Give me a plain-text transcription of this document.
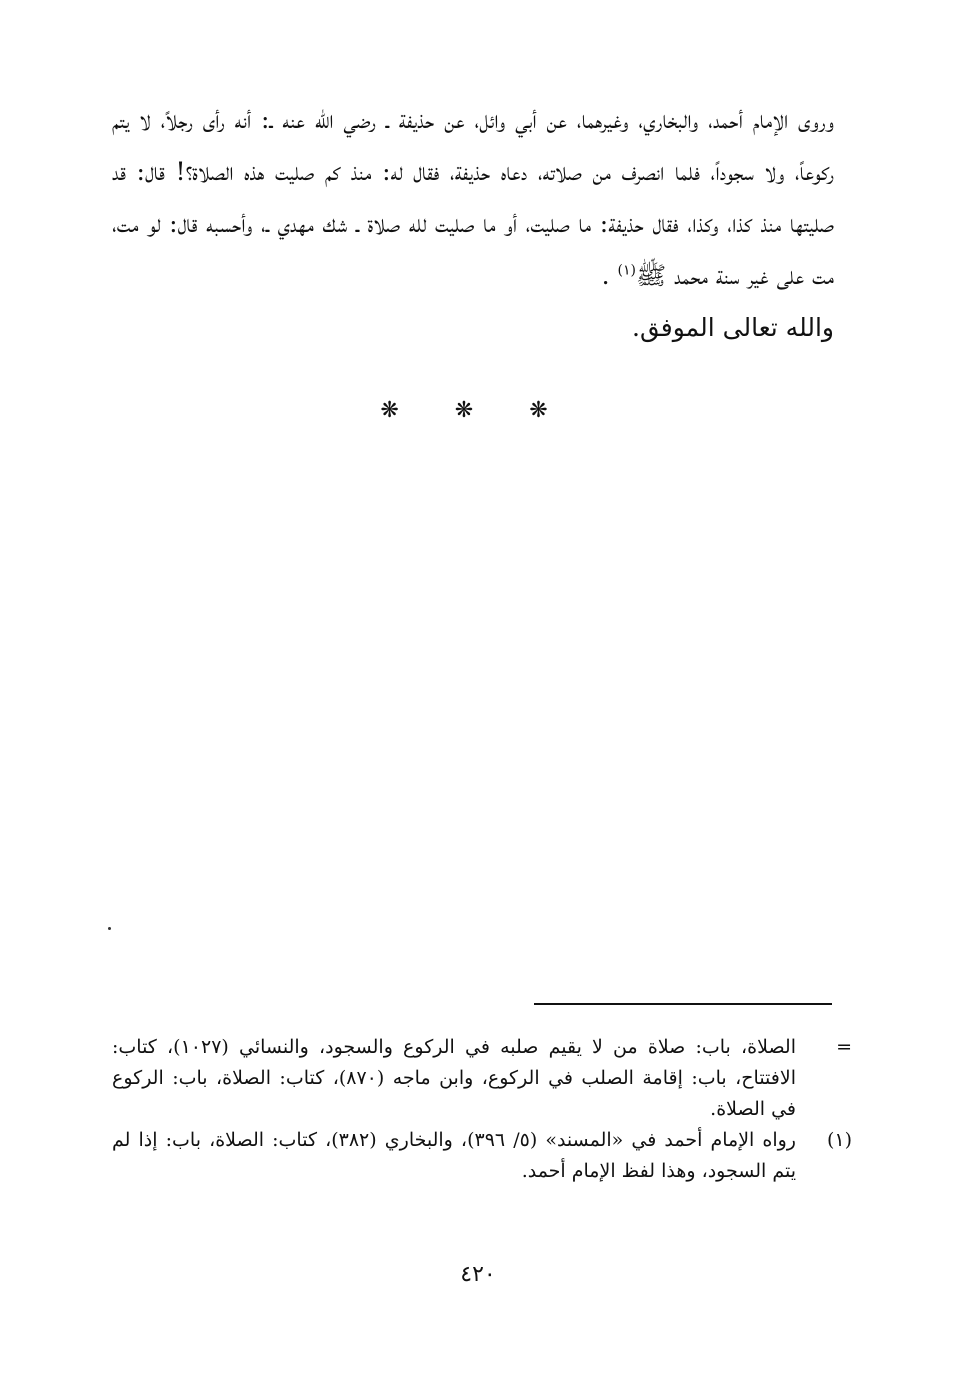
وروى الإمام أحمد، والبخاري، وغيرهما، عن أبي وائل، عن حذيفة ـ رضي الله عنه ـ: أنه رأى رجلاً، لا يتم ركوعاً، ولا سجوداً، فلما انصرف من صلاته، دعاه حذيفة، فقال له: منذ كم صليت هذه الصلاة؟! قال: قد صليتها منذ كذا، وكذا، فقال حذيفة: ما صليت، أو ما صليت لله صلاة ـ شك مهدي ـ، وأحسبه قال: لو مت، مت على غير سنة محمد ﷺ$^{(١)}$ .

والله تعالى الموفق.

❋ ❋ ❋
=
الصلاة، باب: صلاة من لا يقيم صلبه في الركوع والسجود، والنسائي (١٠٢٧)، كتاب: الافتتاح، باب: إقامة الصلب في الركوع، وابن ماجه (٨٧٠)، كتاب: الصلاة، باب: الركوع في الصلاة.
(١)
رواه الإمام أحمد في «المسند» (٥/ ٣٩٦)، والبخاري (٣٨٢)، كتاب: الصلاة، باب: إذا لم يتم السجود، وهذا لفظ الإمام أحمد.
٤٢٠
